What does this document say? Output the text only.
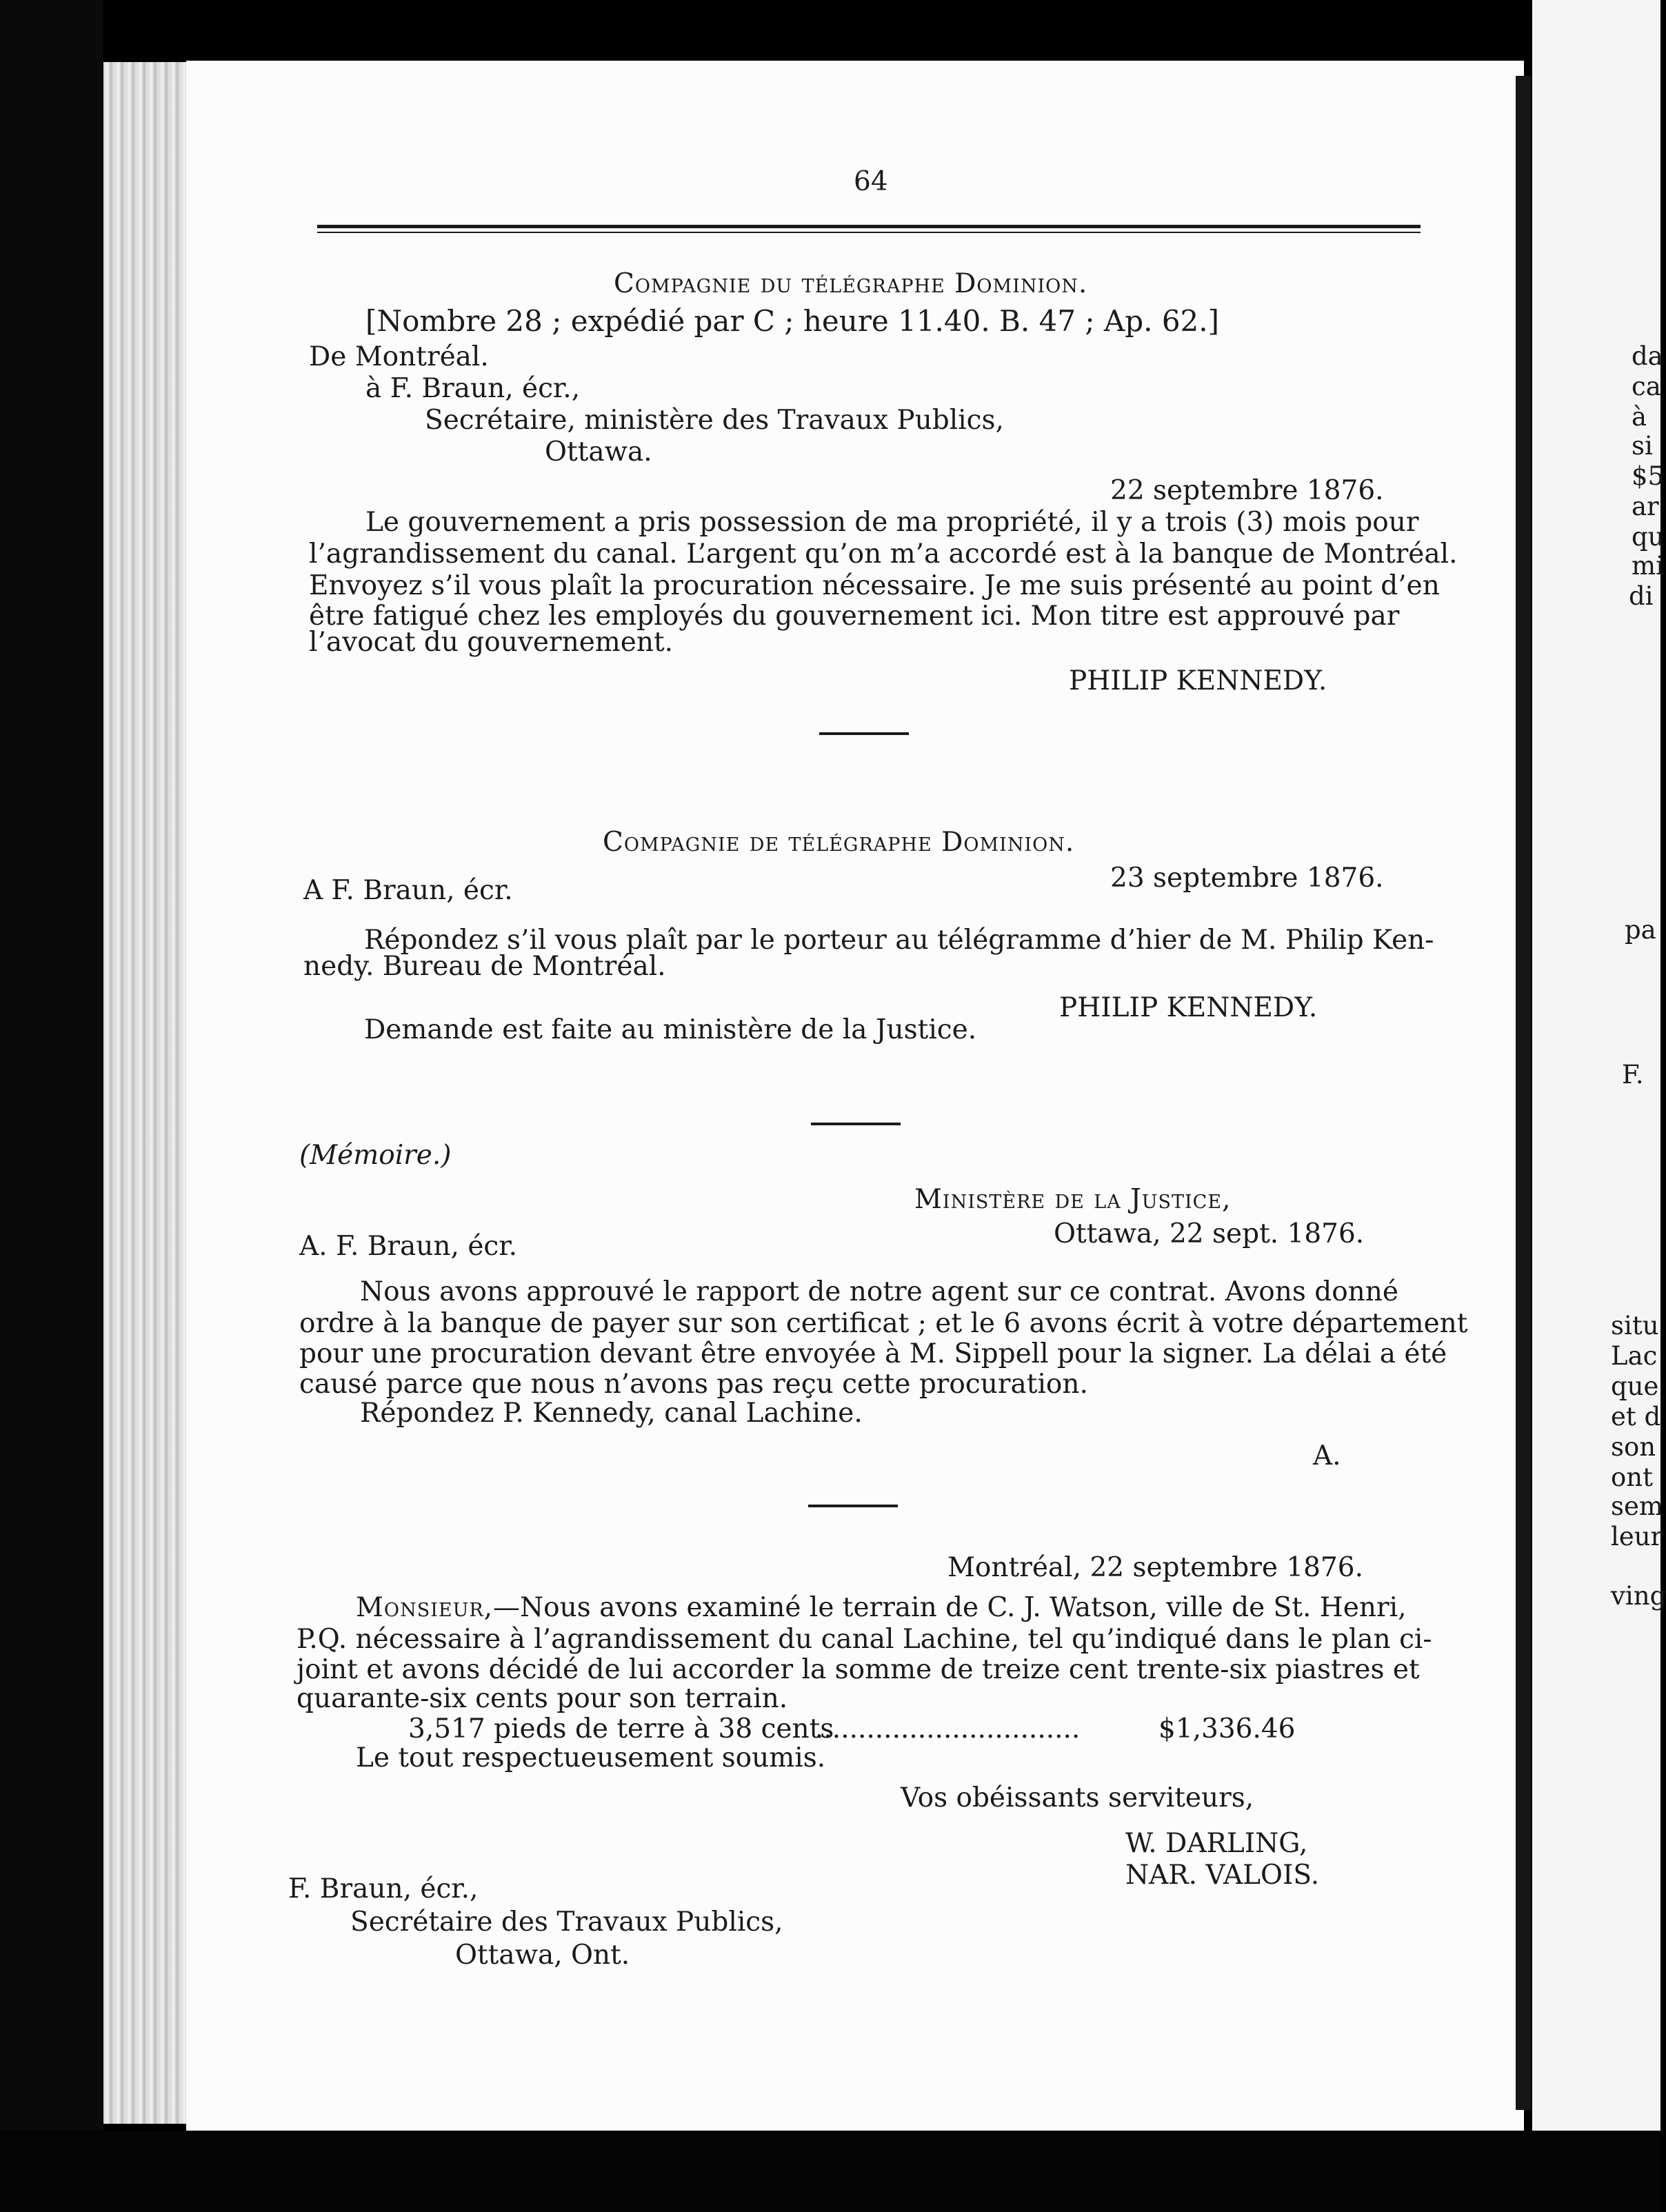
64

Compagnie du télégraphe Dominion.

[Nombre 28 ; expédié par C ; heure 11.40. B. 47 ; Ap. 62.]

De Montréal.

à F. Braun, écr.,

Secrétaire, ministère des Travaux Publics,

Ottawa.

22 septembre 1876.

Le gouvernement a pris possession de ma propriété, il y a trois (3) mois pour

l’agrandissement du canal. L’argent qu’on m’a accordé est à la banque de Montréal.

Envoyez s’il vous plaît la procuration nécessaire. Je me suis présenté au point d’en

être fatigué chez les employés du gouvernement ici. Mon titre est approuvé par

l’avocat du gouvernement.

PHILIP KENNEDY.

Compagnie de télégraphe Dominion.

23 septembre 1876.

A F. Braun, écr.

Répondez s’il vous plaît par le porteur au télégramme d’hier de M. Philip Ken-

nedy. Bureau de Montréal.

PHILIP KENNEDY.

Demande est faite au ministère de la Justice.

(Mémoire.)

Ministère de la Justice,

Ottawa, 22 sept. 1876.

A. F. Braun, écr.

Nous avons approuvé le rapport de notre agent sur ce contrat. Avons donné

ordre à la banque de payer sur son certificat ; et le 6 avons écrit à votre département

pour une procuration devant être envoyée à M. Sippell pour la signer. La délai a été

causé parce que nous n’avons pas reçu cette procuration.

Répondez P. Kennedy, canal Lachine.

A.

Montréal, 22 septembre 1876.

Monsieur,—Nous avons examiné le terrain de C. J. Watson, ville de St. Henri,

P.Q. nécessaire à l’agrandissement du canal Lachine, tel qu’indiqué dans le plan ci-

joint et avons décidé de lui accorder la somme de treize cent trente-six piastres et

quarante-six cents pour son terrain.

3,517 pieds de terre à 38 cents

...............................	$1,336.46

Le tout respectueusement soumis.

Vos obéissants serviteurs,

W. DARLING,

NAR. VALOIS.

F. Braun, écr.,

Secrétaire des Travaux Publics,

Ottawa, Ont.

da
ca
à
si
$5
ar
qu
mi
di
pa
F.
situ
Lac
que
et d
son
ont
sem
leur
ving
